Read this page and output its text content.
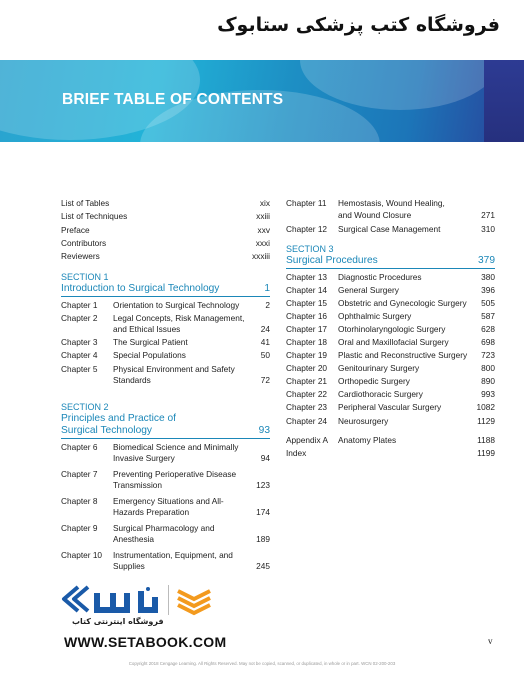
فروشگاه کتب پزشکی ستابوک
BRIEF TABLE OF CONTENTS
List of Tables	xix
List of Techniques	xxiii
Preface	xxv
Contributors	xxxi
Reviewers	xxxiii
SECTION 1
Introduction to Surgical Technology	1
Chapter 1	Orientation to Surgical Technology	2
Chapter 2	Legal Concepts, Risk Management, and Ethical Issues	24
Chapter 3	The Surgical Patient	41
Chapter 4	Special Populations	50
Chapter 5	Physical Environment and Safety Standards	72
SECTION 2
Principles and Practice of Surgical Technology	93
Chapter 6	Biomedical Science and Minimally Invasive Surgery	94
Chapter 7	Preventing Perioperative Disease Transmission	123
Chapter 8	Emergency Situations and All-Hazards Preparation	174
Chapter 9	Surgical Pharmacology and Anesthesia	189
Chapter 10	Instrumentation, Equipment, and Supplies	245
Chapter 11	Hemostasis, Wound Healing, and Wound Closure	271
Chapter 12	Surgical Case Management	310
SECTION 3
Surgical Procedures	379
Chapter 13	Diagnostic Procedures	380
Chapter 14	General Surgery	396
Chapter 15	Obstetric and Gynecologic Surgery	505
Chapter 16	Ophthalmic Surgery	587
Chapter 17	Otorhinolaryngologic Surgery	628
Chapter 18	Oral and Maxillofacial Surgery	698
Chapter 19	Plastic and Reconstructive Surgery	723
Chapter 20	Genitourinary Surgery	800
Chapter 21	Orthopedic Surgery	890
Chapter 22	Cardiothoracic Surgery	993
Chapter 23	Peripheral Vascular Surgery	1082
Chapter 24	Neurosurgery	1129
Appendix A	Anatomy Plates	1188
Index	1199
فروشگاه اینترنتی کتاب
WWW.SETABOOK.COM	v
Copyright 2018 Cengage Learning. All Rights Reserved. May not be copied, scanned, or duplicated, in whole or in part. WCN 02-200-203
